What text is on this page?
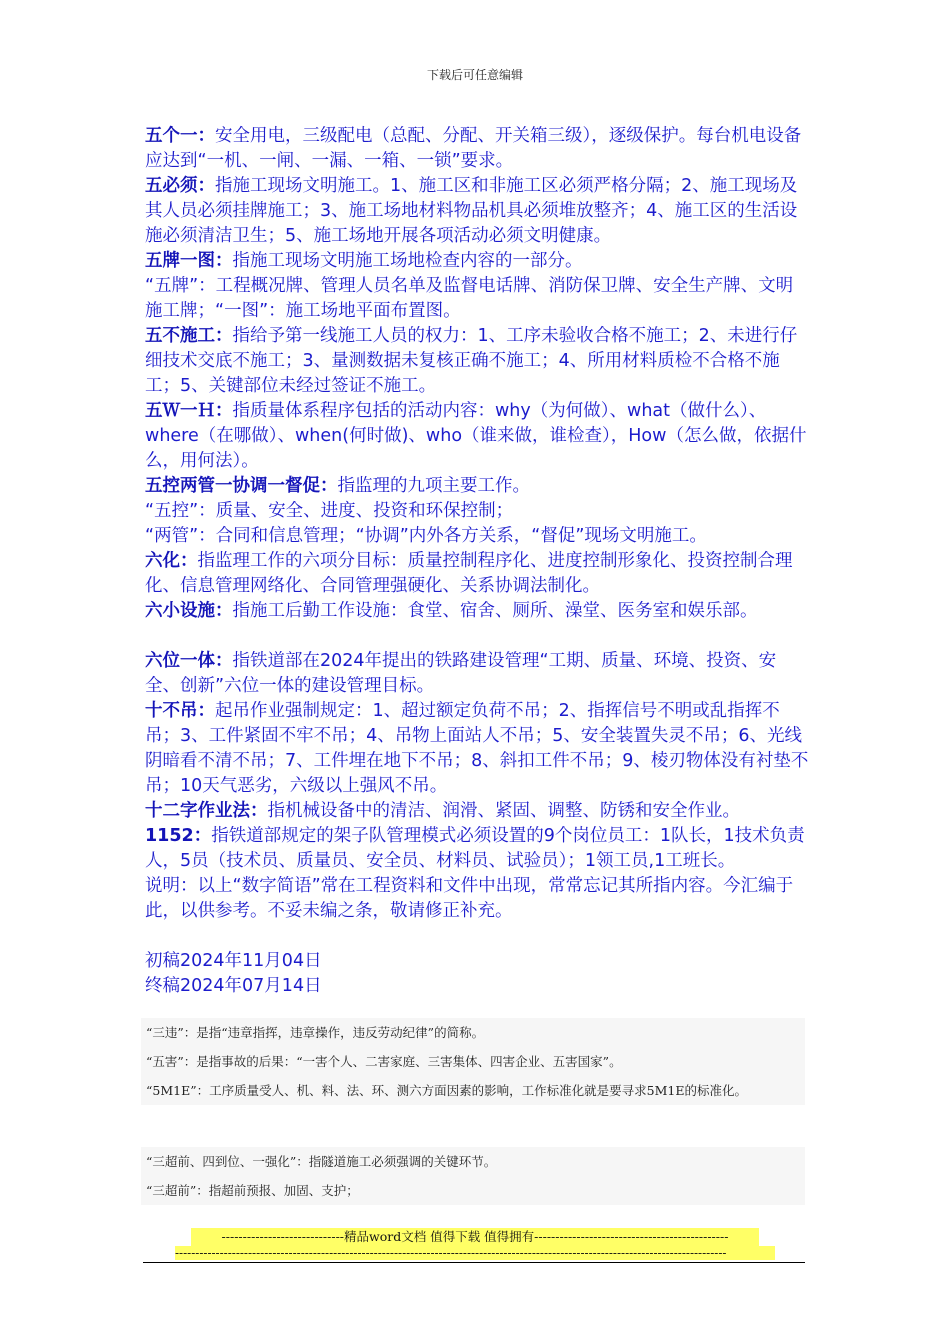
下载后可任意编辑

五个一：安全用电，三级配电（总配、分配、开关箱三级），逐级保护。每台机电设备应达到“一机、一闸、一漏、一箱、一锁”要求。

五必须：指施工现场文明施工。1、施工区和非施工区必须严格分隔；2、施工现场及其人员必须挂牌施工；3、施工场地材料物品机具必须堆放整齐；4、施工区的生活设施必须清洁卫生；5、施工场地开展各项活动必须文明健康。

五牌一图：指施工现场文明施工场地检查内容的一部分。

“五牌”：工程概况牌、管理人员名单及监督电话牌、消防保卫牌、安全生产牌、文明施工牌；“一图”：施工场地平面布置图。

五不施工：指给予第一线施工人员的权力：1、工序未验收合格不施工；2、未进行仔细技术交底不施工；3、量测数据未复核正确不施工；4、所用材料质检不合格不施工；5、关键部位未经过签证不施工。

五Ｗ一Ｈ：指质量体系程序包括的活动内容：why（为何做）、what（做什么）、where（在哪做）、when(何时做)、who（谁来做，谁检查），How（怎么做，依据什么，用何法）。

五控两管一协调一督促：指监理的九项主要工作。

“五控”：质量、安全、进度、投资和环保控制；

“两管”：合同和信息管理；“协调”内外各方关系，“督促”现场文明施工。

六化：指监理工作的六项分目标：质量控制程序化、进度控制形象化、投资控制合理化、信息管理网络化、合同管理强硬化、关系协调法制化。

六小设施：指施工后勤工作设施：食堂、宿舍、厕所、澡堂、医务室和娱乐部。

六位一体：指铁道部在2024年提出的铁路建设管理“工期、质量、环境、投资、安全、创新”六位一体的建设管理目标。

十不吊：起吊作业强制规定：1、超过额定负荷不吊；2、指挥信号不明或乱指挥不吊；3、工件紧固不牢不吊；4、吊物上面站人不吊；5、安全装置失灵不吊；6、光线阴暗看不清不吊；7、工件埋在地下不吊；8、斜扣工件不吊；9、棱刃物体没有衬垫不吊；10天气恶劣，六级以上强风不吊。

十二字作业法：指机械设备中的清洁、润滑、紧固、调整、防锈和安全作业。

1152：指铁道部规定的架子队管理模式必须设置的9个岗位员工：1队长，1技术负责人，5员（技术员、质量员、安全员、材料员、试验员）；1领工员,1工班长。

说明：以上“数字简语”常在工程资料和文件中出现，常常忘记其所指内容。今汇编于此，以供参考。不妥未编之条，敬请修正补充。

初稿2024年11月04日

终稿2024年07月14日

“三违”：是指“违章指挥，违章操作，违反劳动纪律”的简称。

“五害”：是指事故的后果：“一害个人、二害家庭、三害集体、四害企业、五害国家”。

“5M1E”：工序质量受人、机、料、法、环、测六方面因素的影响，工作标准化就是要寻求5M1E的标准化。

“三超前、四到位、一强化”：指隧道施工必须强调的关键环节。

“三超前”：指超前预报、加固、支护；

-----------------------------精品word文档 值得下载 值得拥有----------------------------------------------
----------------------------------------------------------------------------------------------------------------------------------------
